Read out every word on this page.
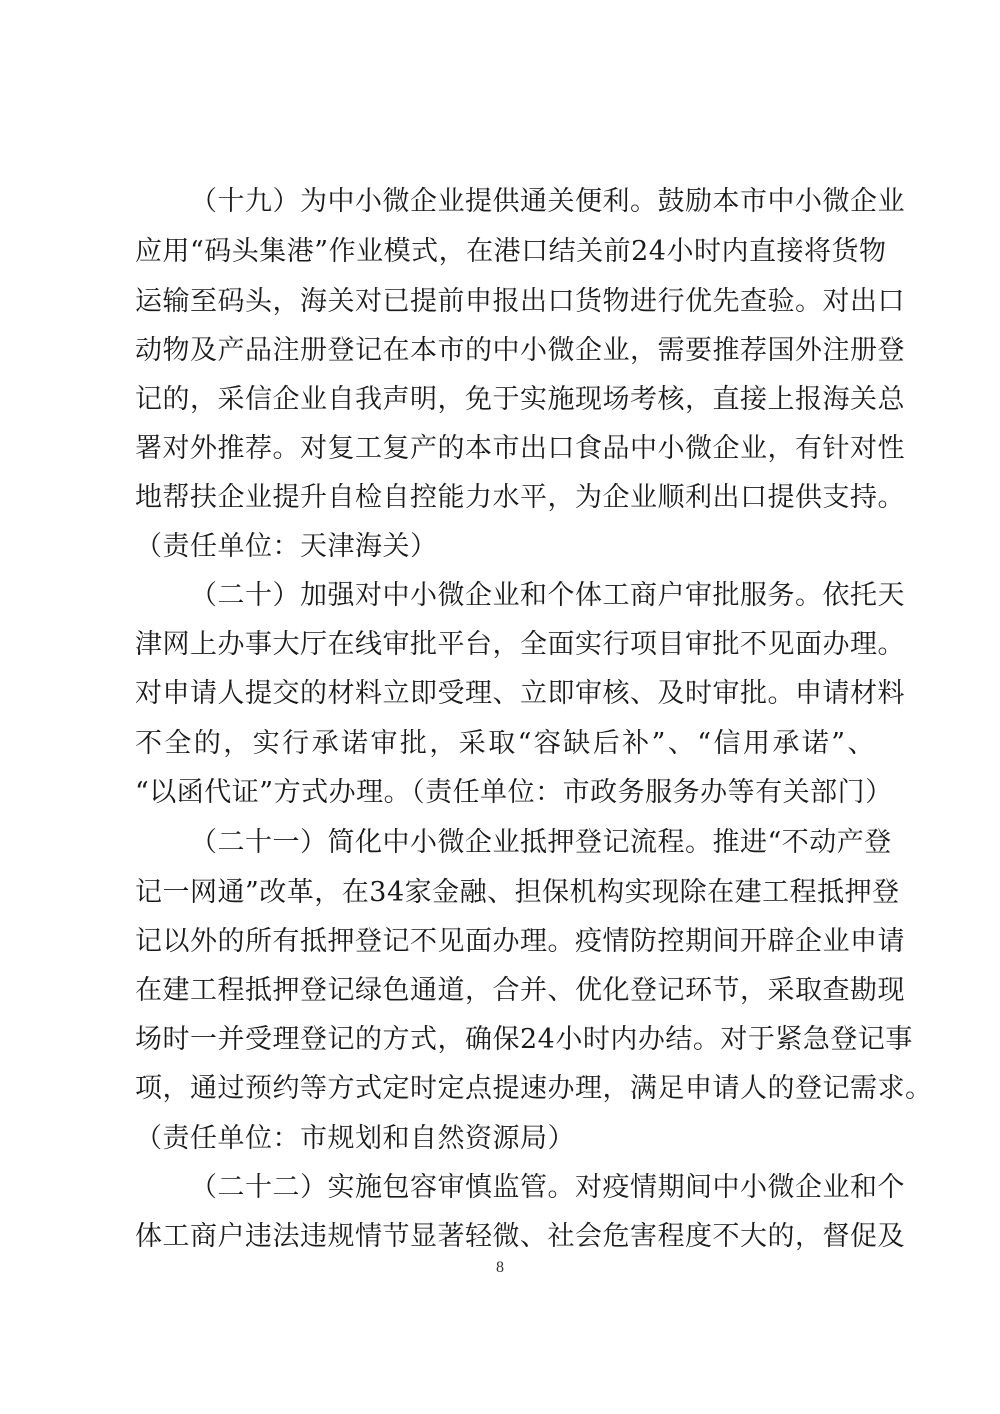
（十九）为中小微企业提供通关便利。鼓励本市中小微企业
应用“码头集港”作业模式，在港口结关前24小时内直接将货物
运输至码头，海关对已提前申报出口货物进行优先查验。对出口
动物及产品注册登记在本市的中小微企业，需要推荐国外注册登
记的，采信企业自我声明，免于实施现场考核，直接上报海关总
署对外推荐。对复工复产的本市出口食品中小微企业，有针对性
地帮扶企业提升自检自控能力水平，为企业顺利出口提供支持。
（责任单位：天津海关）
（二十）加强对中小微企业和个体工商户审批服务。依托天
津网上办事大厅在线审批平台，全面实行项目审批不见面办理。
对申请人提交的材料立即受理、立即审核、及时审批。申请材料
不全的，实行承诺审批，采取“容缺后补”、“信用承诺”、
“以函代证”方式办理。（责任单位：市政务服务办等有关部门）
（二十一）简化中小微企业抵押登记流程。推进“不动产登
记一网通”改革，在34家金融、担保机构实现除在建工程抵押登
记以外的所有抵押登记不见面办理。疫情防控期间开辟企业申请
在建工程抵押登记绿色通道，合并、优化登记环节，采取查勘现
场时一并受理登记的方式，确保24小时内办结。对于紧急登记事
项，通过预约等方式定时定点提速办理，满足申请人的登记需求。
（责任单位：市规划和自然资源局）
（二十二）实施包容审慎监管。对疫情期间中小微企业和个
体工商户违法违规情节显著轻微、社会危害程度不大的，督促及
8
